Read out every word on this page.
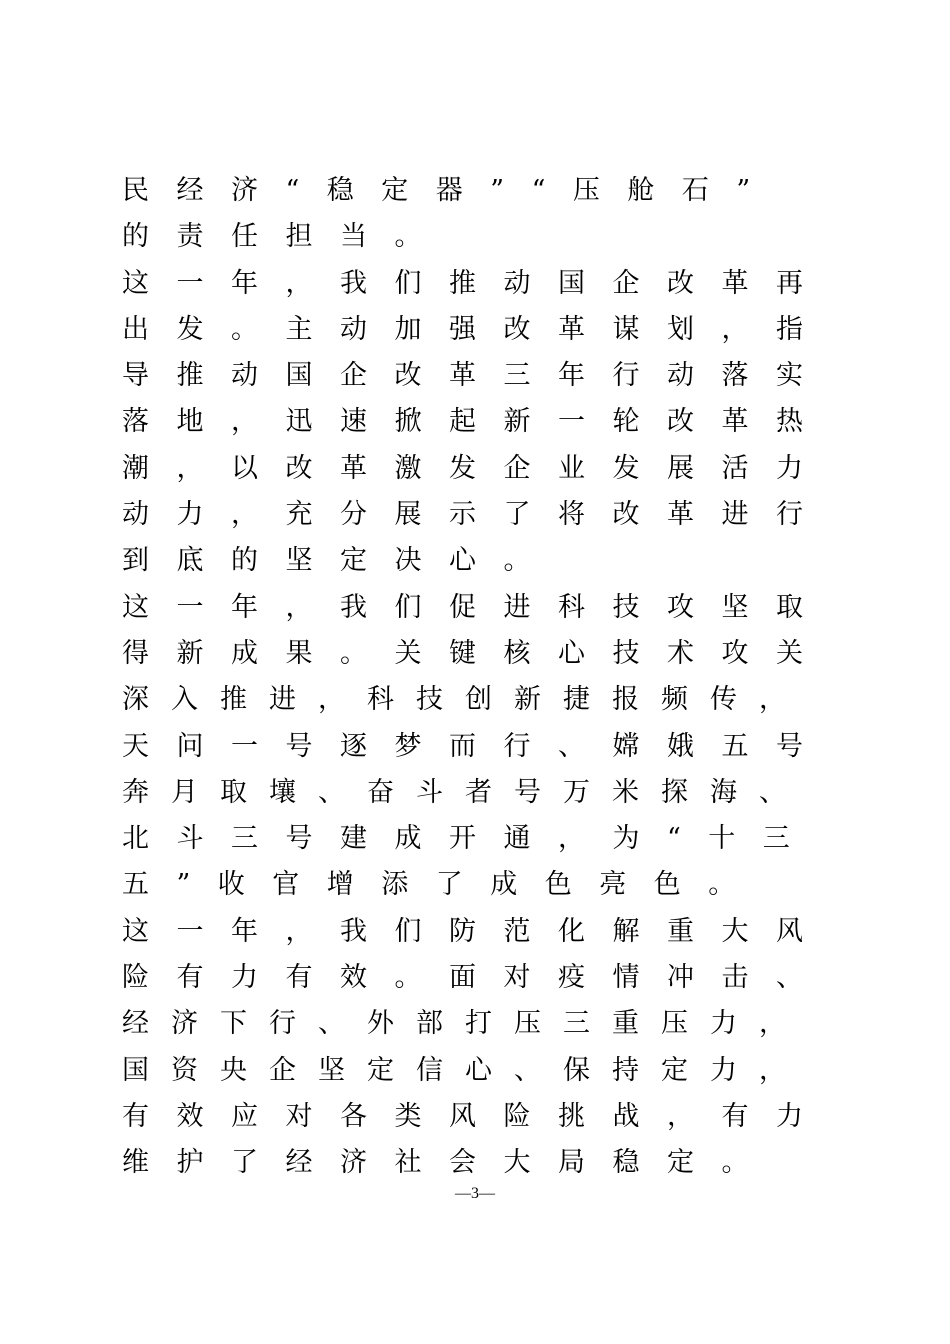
民经济“稳定器”“压舱石”
的责任担当。
这一年，我们推动国企改革再
出发。主动加强改革谋划，指
导推动国企改革三年行动落实
落地，迅速掀起新一轮改革热
潮，以改革激发企业发展活力
动力，充分展示了将改革进行
到底的坚定决心。
这一年，我们促进科技攻坚取
得新成果。关键核心技术攻关
深入推进，科技创新捷报频传，
天问一号逐梦而行、嫦娥五号
奔月取壤、奋斗者号万米探海、
北斗三号建成开通，为“十三
五”收官增添了成色亮色。
这一年，我们防范化解重大风
险有力有效。面对疫情冲击、
经济下行、外部打压三重压力，
国资央企坚定信心、保持定力，
有效应对各类风险挑战，有力
维护了经济社会大局稳定。
—3—
